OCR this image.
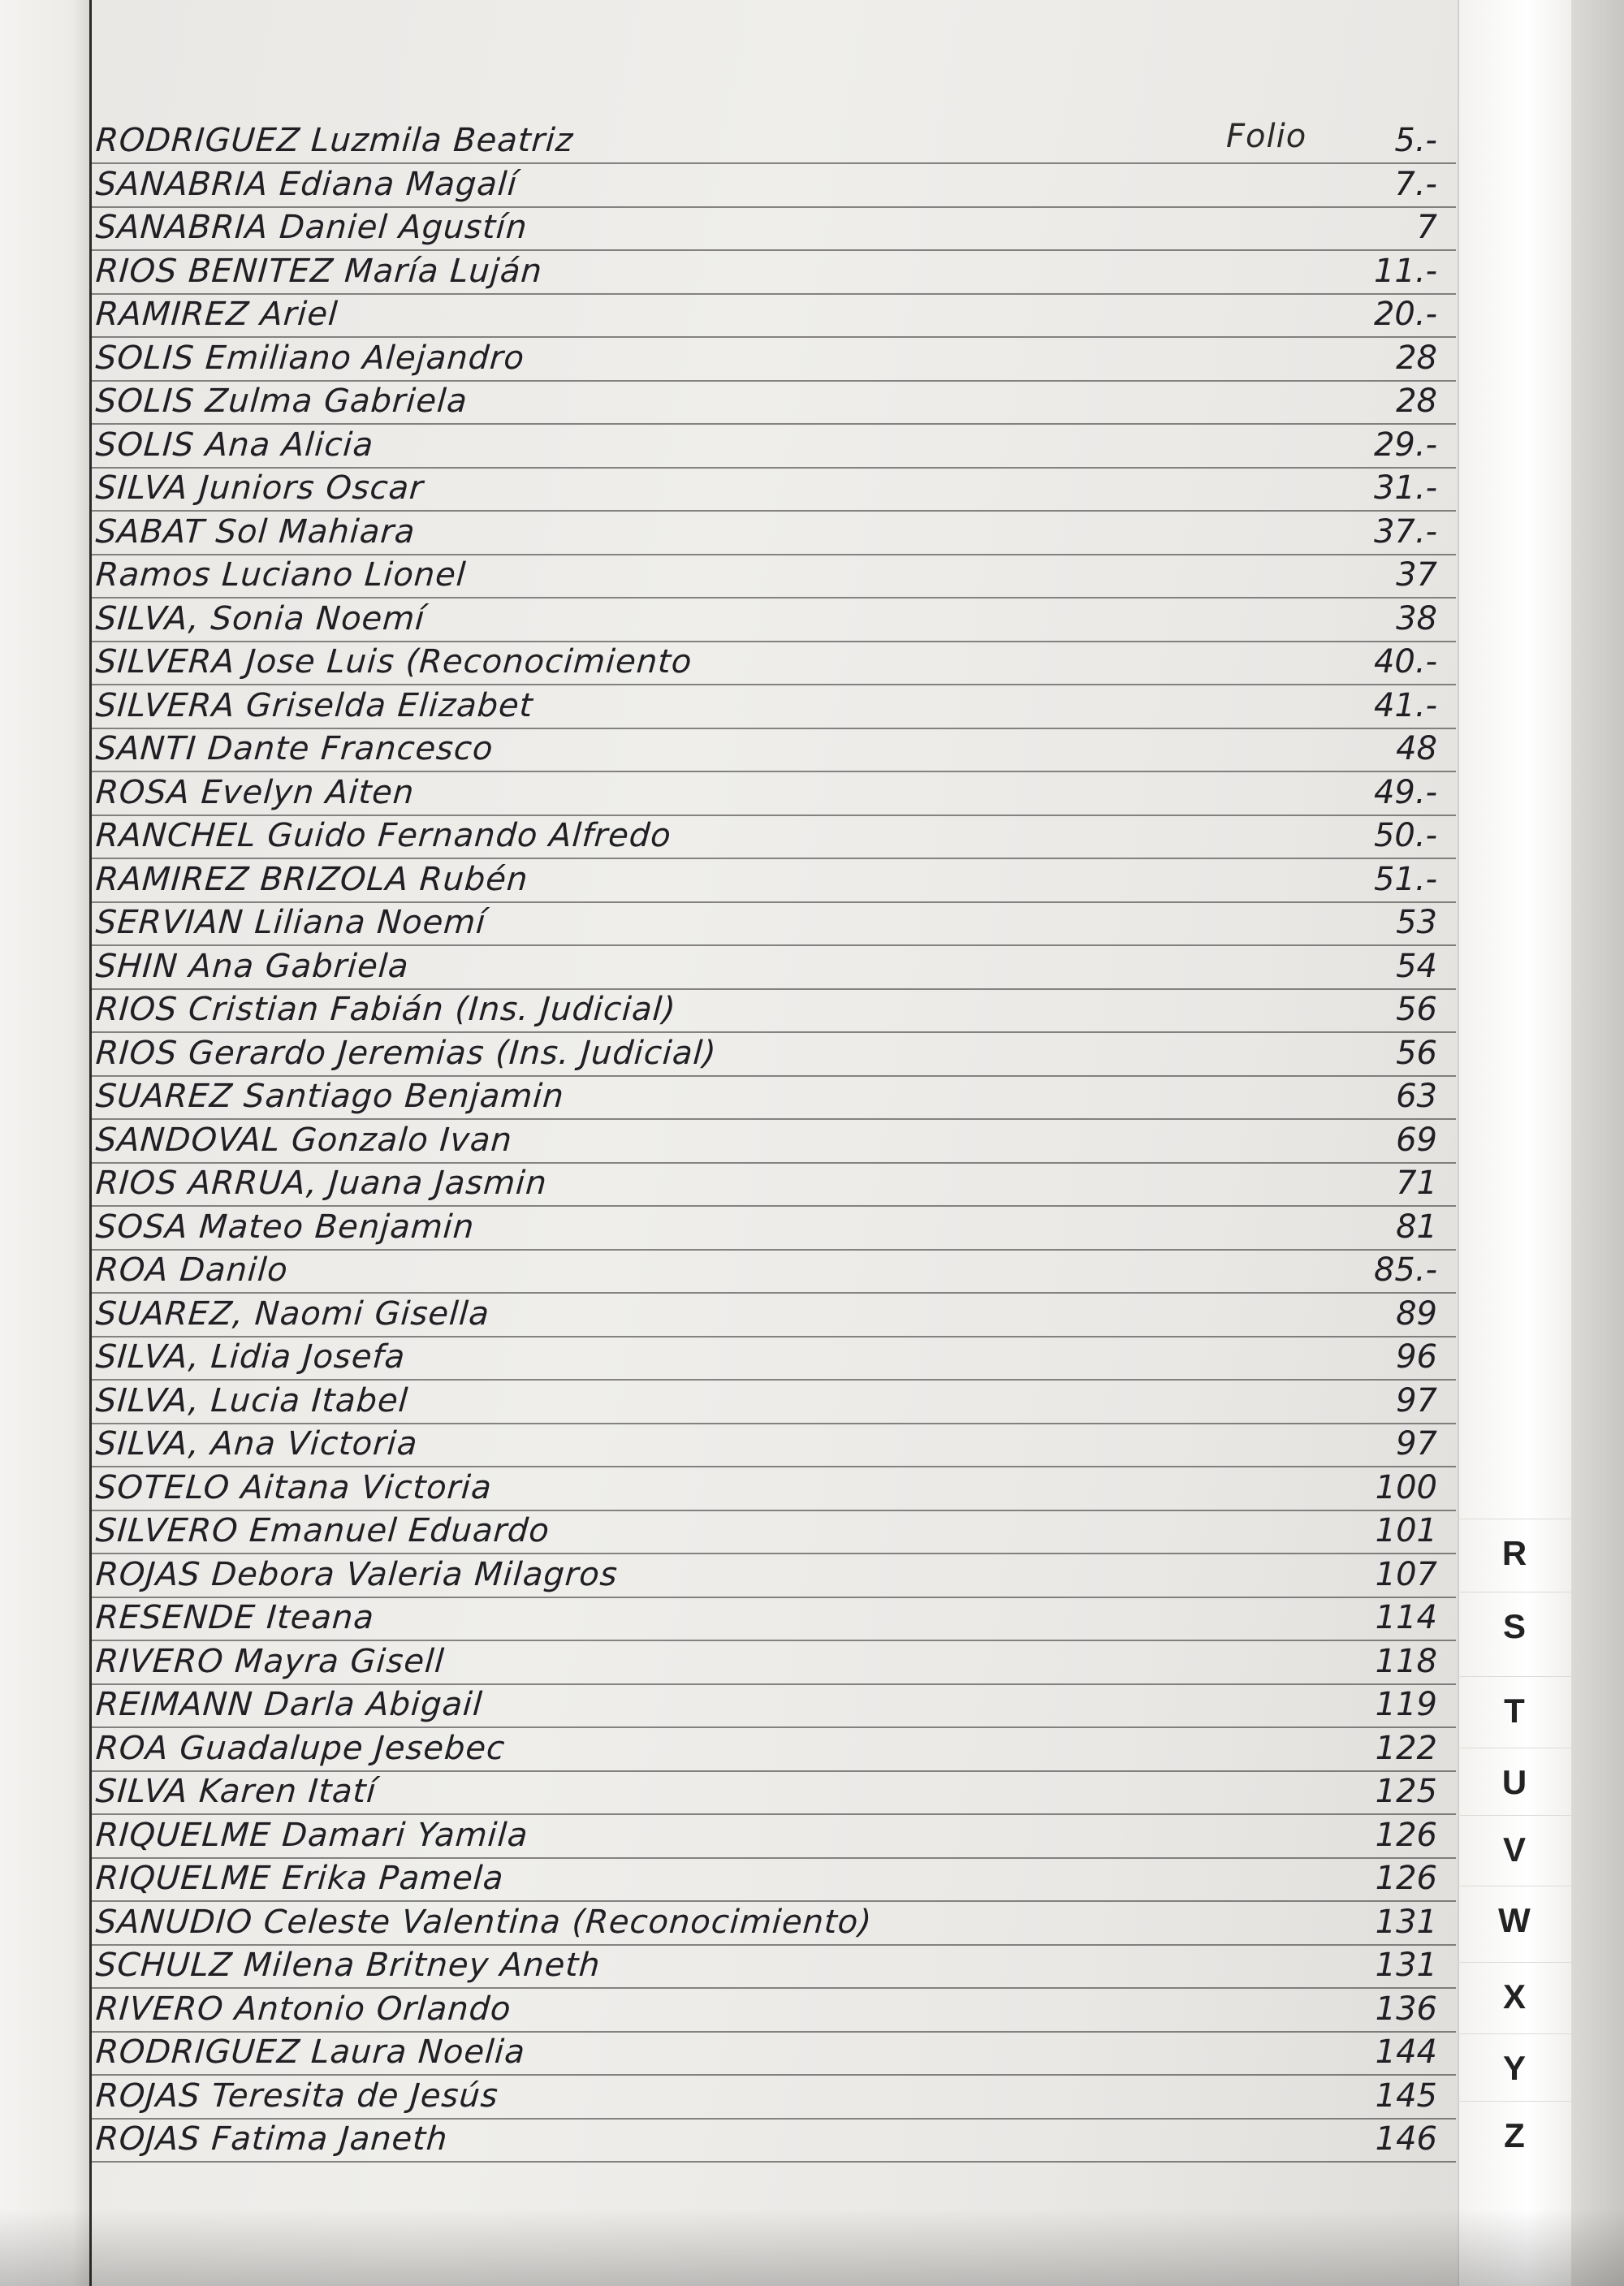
Folio
RODRIGUEZ Luzmila Beatriz	5.-
SANABRIA Ediana Magalí	7.-
SANABRIA Daniel Agustín	7
RIOS BENITEZ María Luján	11.-
RAMIREZ Ariel	20.-
SOLIS Emiliano Alejandro	28
SOLIS Zulma Gabriela	28
SOLIS Ana Alicia	29.-
SILVA Juniors Oscar	31.-
SABAT Sol Mahiara	37.-
Ramos Luciano Lionel	37
SILVA, Sonia Noemí	38
SILVERA Jose Luis (Reconocimiento	40.-
SILVERA Griselda Elizabet	41.-
SANTI Dante Francesco	48
ROSA Evelyn Aiten	49.-
RANCHEL Guido Fernando Alfredo	50.-
RAMIREZ BRIZOLA Rubén	51.-
SERVIAN Liliana Noemí	53
SHIN Ana Gabriela	54
RIOS Cristian Fabián (Ins. Judicial)	56
RIOS Gerardo Jeremias (Ins. Judicial)	56
SUAREZ Santiago Benjamin	63
SANDOVAL Gonzalo Ivan	69
RIOS ARRUA, Juana Jasmin	71
SOSA Mateo Benjamin	81
ROA Danilo	85.-
SUAREZ, Naomi Gisella	89
SILVA, Lidia Josefa	96
SILVA, Lucia Itabel	97
SILVA, Ana Victoria	97
SOTELO Aitana Victoria	100
SILVERO Emanuel Eduardo	101
ROJAS Debora Valeria Milagros	107
RESENDE Iteana	114
RIVERO Mayra Gisell	118
REIMANN Darla Abigail	119
ROA Guadalupe Jesebec	122
SILVA Karen Itatí	125
RIQUELME Damari Yamila	126
RIQUELME Erika Pamela	126
SANUDIO Celeste Valentina (Reconocimiento)	131
SCHULZ Milena Britney Aneth	131
RIVERO Antonio Orlando	136
RODRIGUEZ Laura Noelia	144
ROJAS Teresita de Jesús	145
ROJAS Fatima Janeth	146
R
S
T
U
V
W
X
Y
Z
